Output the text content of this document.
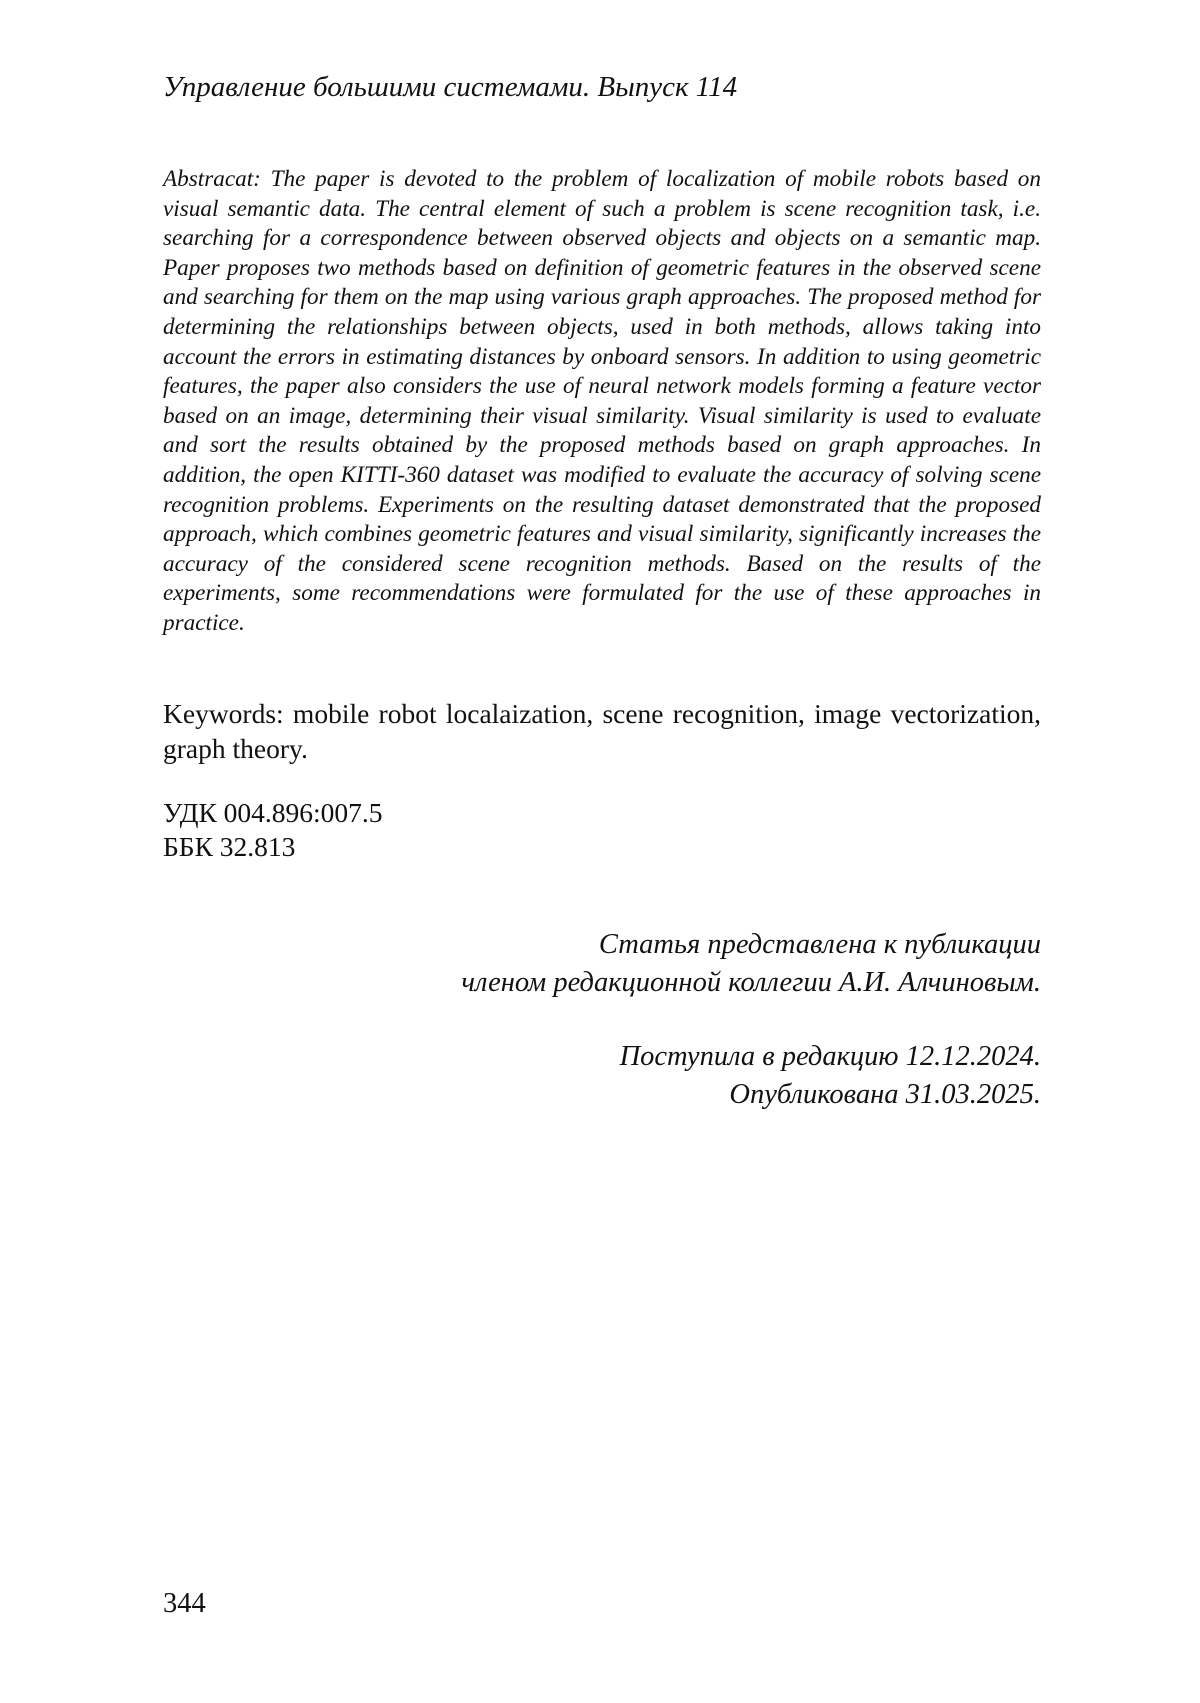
Управление большими системами. Выпуск 114

Abstracat: The paper is devoted to the problem of localization of mobile robots based on visual semantic data. The central element of such a problem is scene recognition task, i.e. searching for a correspondence between observed objects and objects on a semantic map. Paper proposes two methods based on definition of geometric features in the observed scene and searching for them on the map using various graph approaches. The proposed method for determining the relationships between objects, used in both methods, allows taking into account the errors in estimating distances by onboard sensors. In addition to using geometric features, the paper also considers the use of neural network models forming a feature vector based on an image, determining their visual similarity. Visual similarity is used to evaluate and sort the results obtained by the proposed methods based on graph approaches. In addition, the open KITTI-360 dataset was modified to evaluate the accuracy of solving scene recognition problems. Experiments on the resulting dataset demonstrated that the proposed approach, which combines geometric features and visual similarity, significantly increases the accuracy of the considered scene recognition methods. Based on the results of the experiments, some recommendations were formulated for the use of these approaches in practice.

Keywords: mobile robot localaization, scene recognition, image vectorization, graph theory.

УДК 004.896:007.5
ББК 32.813
Статья представлена к публикации
членом редакционной коллегии А.И. Алчиновым.
Поступила в редакцию 12.12.2024.
Опубликована 31.03.2025.
344
